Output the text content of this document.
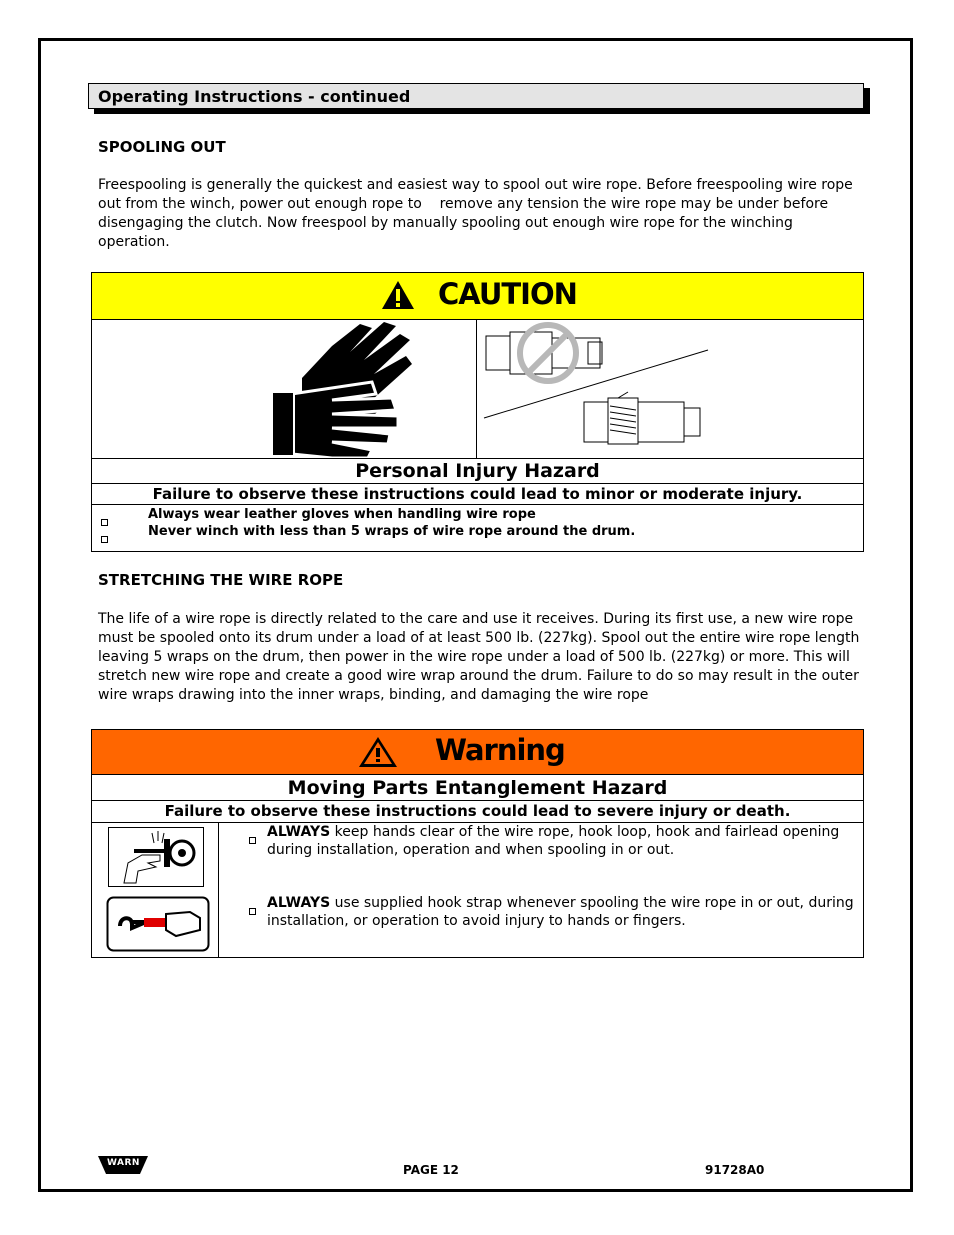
Operating Instructions - continued
SPOOLING OUT
Freespooling is generally the quickest and easiest way to spool out wire rope. Before freespooling wire rope
out from the winch, power out enough rope to    remove any tension the wire rope may be under before
disengaging the clutch. Now freespool by manually spooling out enough wire rope for the winching
operation.
CAUTION
Personal Injury Hazard
Failure to observe these instructions could lead to minor or moderate injury.
Always wear leather gloves when handling wire rope
Never winch with less than 5 wraps of wire rope around the drum.
STRETCHING THE WIRE ROPE
The life of a wire rope is directly related to the care and use it receives. During its first use, a new wire rope
must be spooled onto its drum under a load of at least 500 lb. (227kg). Spool out the entire wire rope length
leaving 5 wraps on the drum, then power in the wire rope under a load of 500 lb. (227kg) or more. This will
stretch new wire rope and create a good wire wrap around the drum. Failure to do so may result in the outer
wire wraps drawing into the inner wraps, binding, and damaging the wire rope
Warning
Moving Parts Entanglement Hazard
Failure to observe these instructions could lead to severe injury or death.
ALWAYS keep hands clear of the wire rope, hook loop, hook and fairlead opening
during installation, operation and when spooling in or out.
ALWAYS use supplied hook strap whenever spooling the wire rope in or out, during
installation, or operation to avoid injury to hands or fingers.
WARN	PAGE 12	91728A0
